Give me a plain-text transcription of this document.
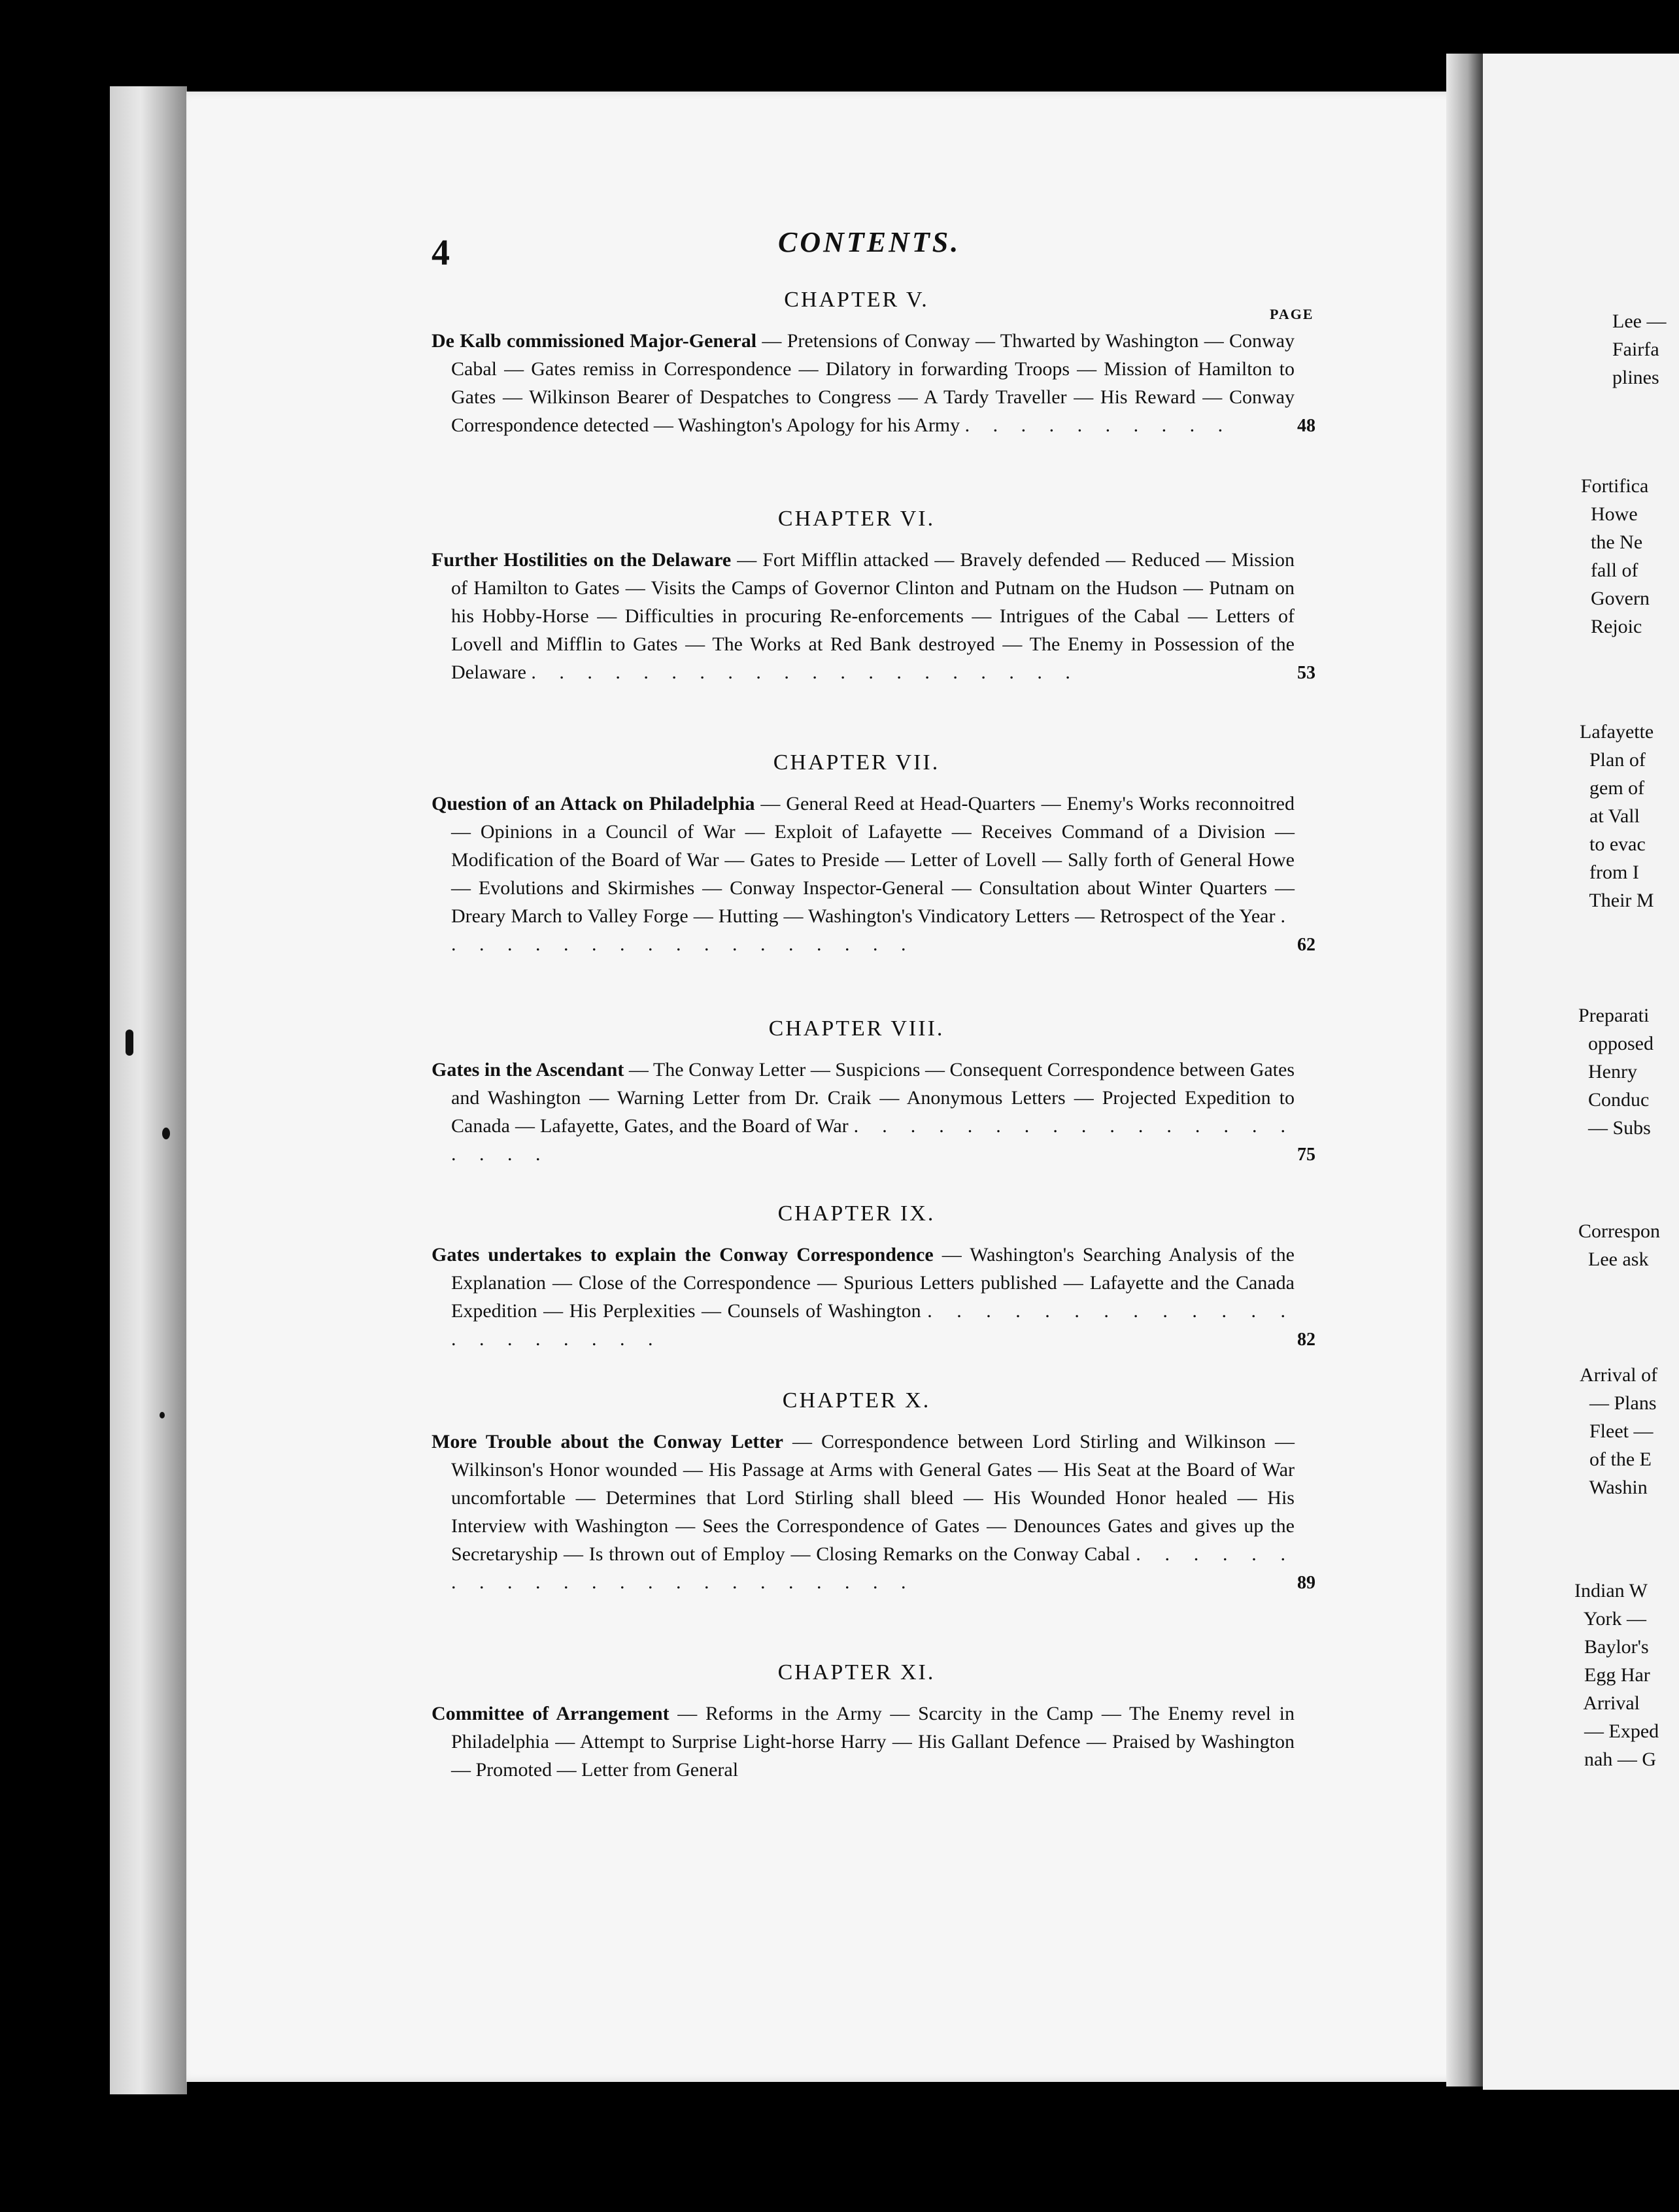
Lee —
Fairfa
plines
Fortifica
Howe
the Ne
fall of
Govern
Rejoic
Lafayette
Plan of
gem of
at Vall
to evac
from I
Their M
Preparati
opposed
Henry
Conduc
— Subs
Correspon
Lee ask
Arrival of
— Plans
Fleet —
of the E
Washin
Indian W
York —
Baylor's
Egg Har
Arrival
— Exped
nah — G
4	CONTENTS.
PAGE
CHAPTER V.
De Kalb commissioned Major-General — Pretensions of Conway — Thwarted by Washington — Conway Cabal — Gates remiss in Correspondence — Dilatory in forwarding Troops — Mission of Hamilton to Gates — Wilkinson Bearer of Despatches to Congress — A Tardy Traveller — His Reward — Conway Correspondence detected — Washington's Apology for his Army . . . . . . . . . .	48
CHAPTER VI.
Further Hostilities on the Delaware — Fort Mifflin attacked — Bravely defended — Reduced — Mission of Hamilton to Gates — Visits the Camps of Governor Clinton and Putnam on the Hudson — Putnam on his Hobby-Horse — Difficulties in procuring Re-enforcements — Intrigues of the Cabal — Letters of Lovell and Mifflin to Gates — The Works at Red Bank destroyed — The Enemy in Possession of the Delaware . . . . . . . . . . . . . . . . . . . .	53
CHAPTER VII.
Question of an Attack on Philadelphia — General Reed at Head-Quarters — Enemy's Works reconnoitred — Opinions in a Council of War — Exploit of Lafayette — Receives Command of a Division — Modification of the Board of War — Gates to Preside — Letter of Lovell — Sally forth of General Howe — Evolutions and Skirmishes — Conway Inspector-General — Consultation about Winter Quarters — Dreary March to Valley Forge — Hutting — Washington's Vindicatory Letters — Retrospect of the Year . . . . . . . . . . . . . . . . . .	62
CHAPTER VIII.
Gates in the Ascendant — The Conway Letter — Suspicions — Consequent Correspondence between Gates and Washington — Warning Letter from Dr. Craik — Anonymous Letters — Projected Expedition to Canada — Lafayette, Gates, and the Board of War . . . . . . . . . . . . . . . . . . . .	75
CHAPTER IX.
Gates undertakes to explain the Conway Correspondence — Washington's Searching Analysis of the Explanation — Close of the Correspondence — Spurious Letters published — Lafayette and the Canada Expedition — His Perplexities — Counsels of Washington . . . . . . . . . . . . . . . . . . . . .	82
CHAPTER X.
More Trouble about the Conway Letter — Correspondence between Lord Stirling and Wilkinson — Wilkinson's Honor wounded — His Passage at Arms with General Gates — His Seat at the Board of War uncomfortable — Determines that Lord Stirling shall bleed — His Wounded Honor healed — His Interview with Washington — Sees the Correspondence of Gates — Denounces Gates and gives up the Secretaryship — Is thrown out of Employ — Closing Remarks on the Conway Cabal . . . . . . . . . . . . . . . . . . . . . . .	89
CHAPTER XI.
Committee of Arrangement — Reforms in the Army — Scarcity in the Camp — The Enemy revel in Philadelphia — Attempt to Surprise Light-horse Harry — His Gallant Defence — Praised by Washington — Promoted — Letter from General
